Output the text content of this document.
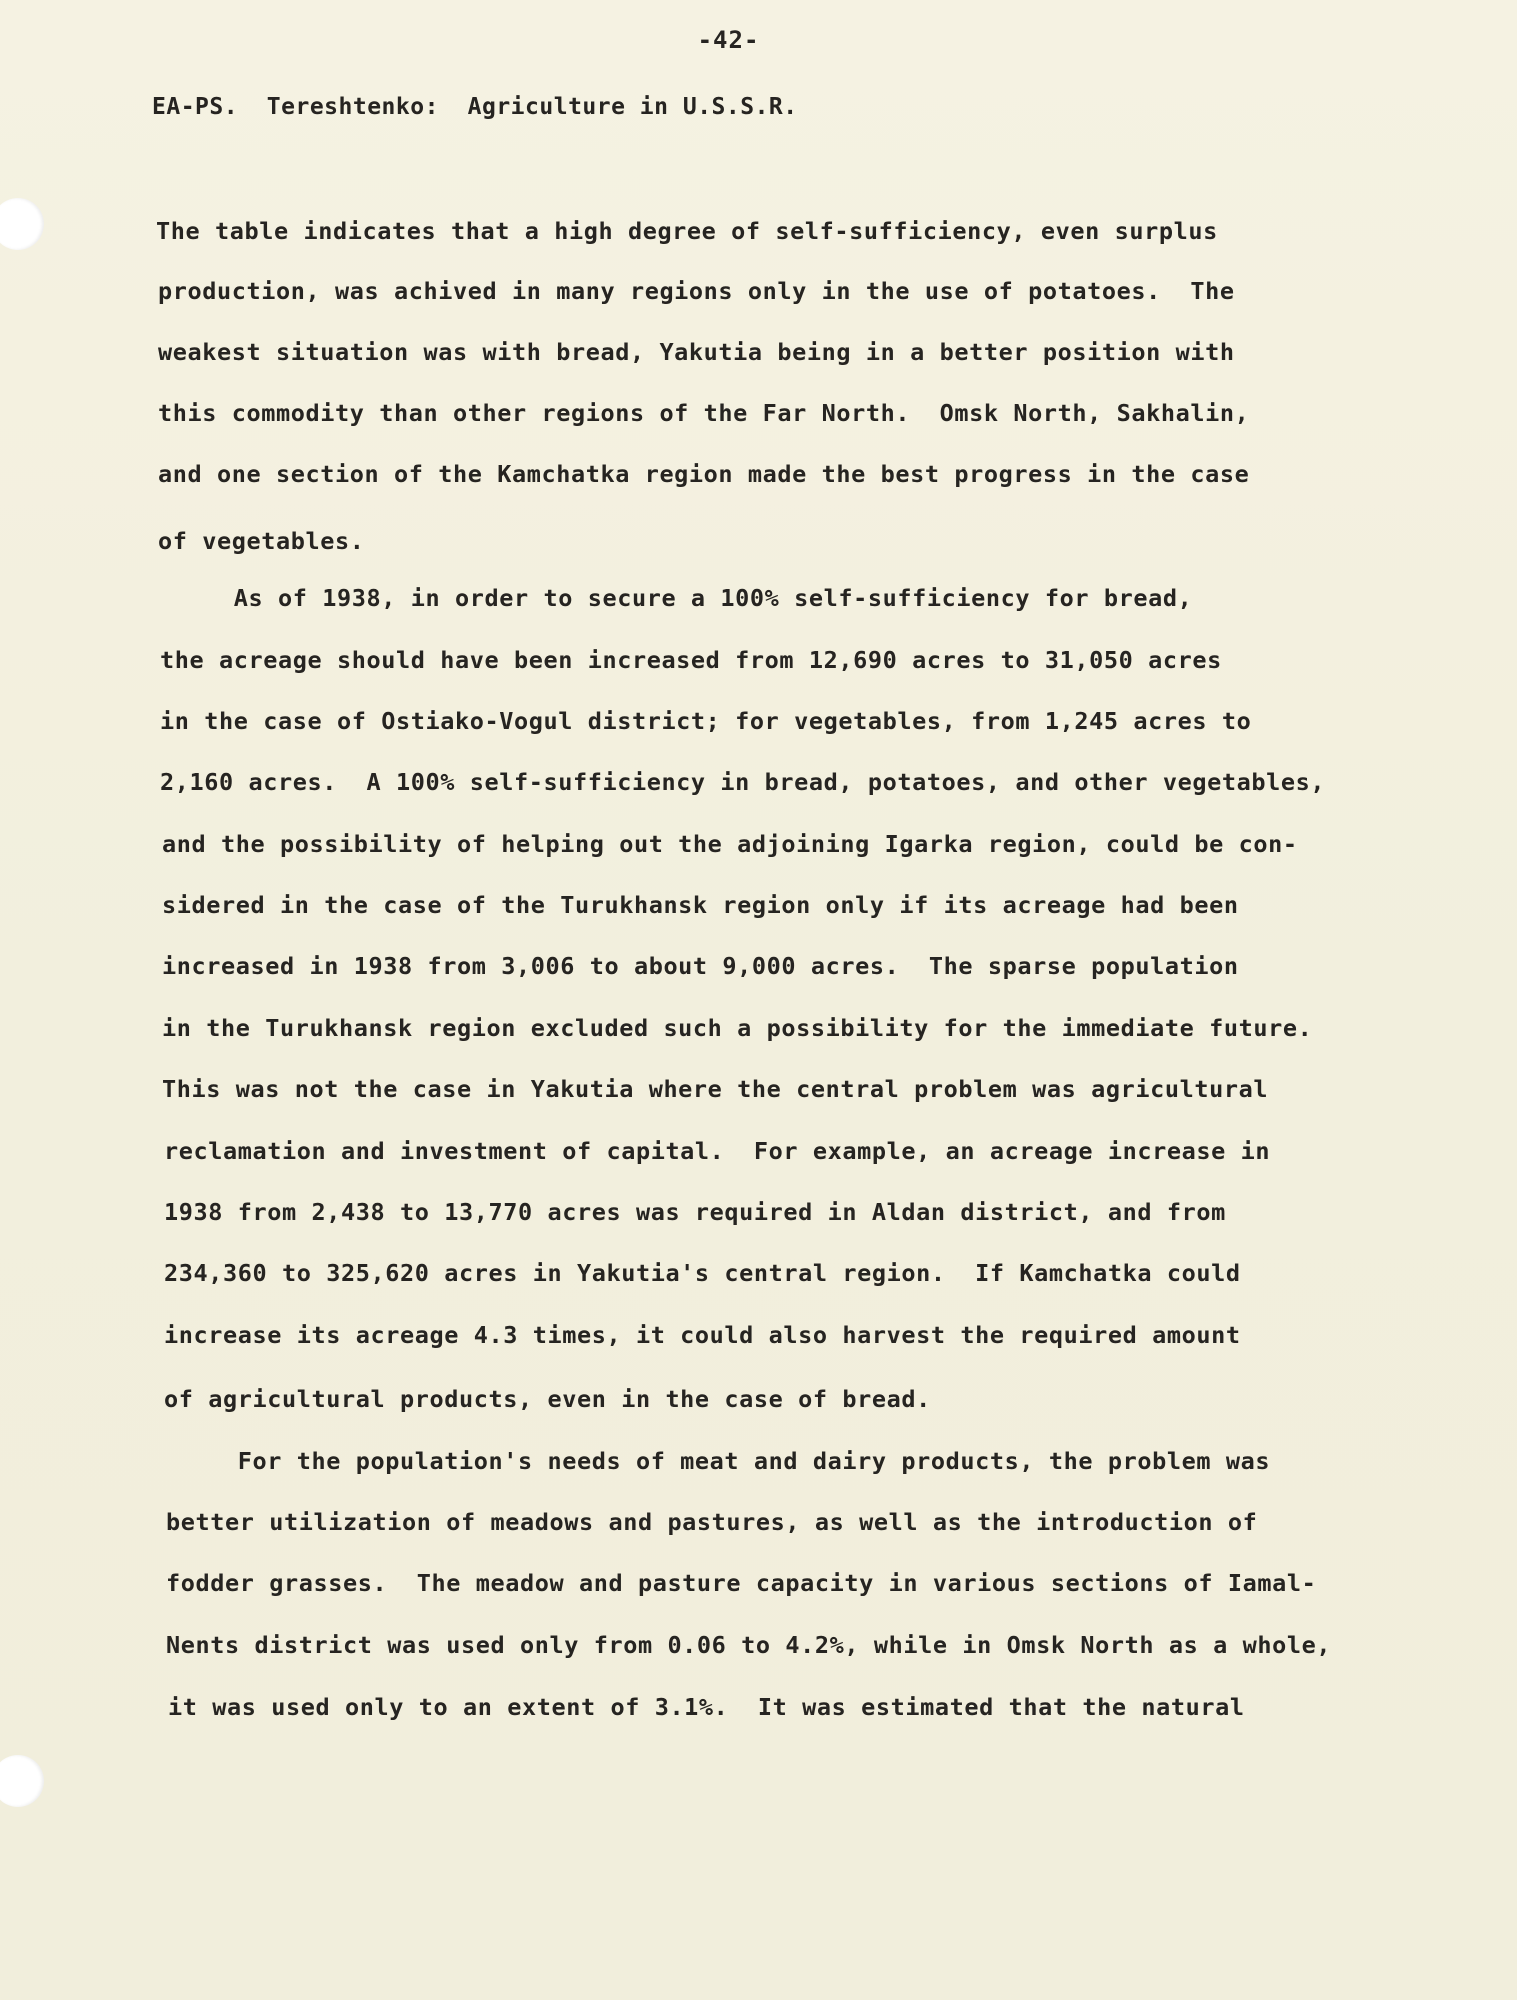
-42-
EA-PS.  Tereshtenko:  Agriculture in U.S.S.R.
The table indicates that a high degree of self-sufficiency, even surplus
production, was achived in many regions only in the use of potatoes.  The
weakest situation was with bread, Yakutia being in a better position with
this commodity than other regions of the Far North.  Omsk North, Sakhalin,
and one section of the Kamchatka region made the best progress in the case
of vegetables.
As of 1938, in order to secure a 100% self-sufficiency for bread,
the acreage should have been increased from 12,690 acres to 31,050 acres
in the case of Ostiako-Vogul district; for vegetables, from 1,245 acres to
2,160 acres.  A 100% self-sufficiency in bread, potatoes, and other vegetables,
and the possibility of helping out the adjoining Igarka region, could be con-
sidered in the case of the Turukhansk region only if its acreage had been
increased in 1938 from 3,006 to about 9,000 acres.  The sparse population
in the Turukhansk region excluded such a possibility for the immediate future.
This was not the case in Yakutia where the central problem was agricultural
reclamation and investment of capital.  For example, an acreage increase in
1938 from 2,438 to 13,770 acres was required in Aldan district, and from
234,360 to 325,620 acres in Yakutia's central region.  If Kamchatka could
increase its acreage 4.3 times, it could also harvest the required amount
of agricultural products, even in the case of bread.
For the population's needs of meat and dairy products, the problem was
better utilization of meadows and pastures, as well as the introduction of
fodder grasses.  The meadow and pasture capacity in various sections of Iamal-
Nents district was used only from 0.06 to 4.2%, while in Omsk North as a whole,
it was used only to an extent of 3.1%.  It was estimated that the natural
